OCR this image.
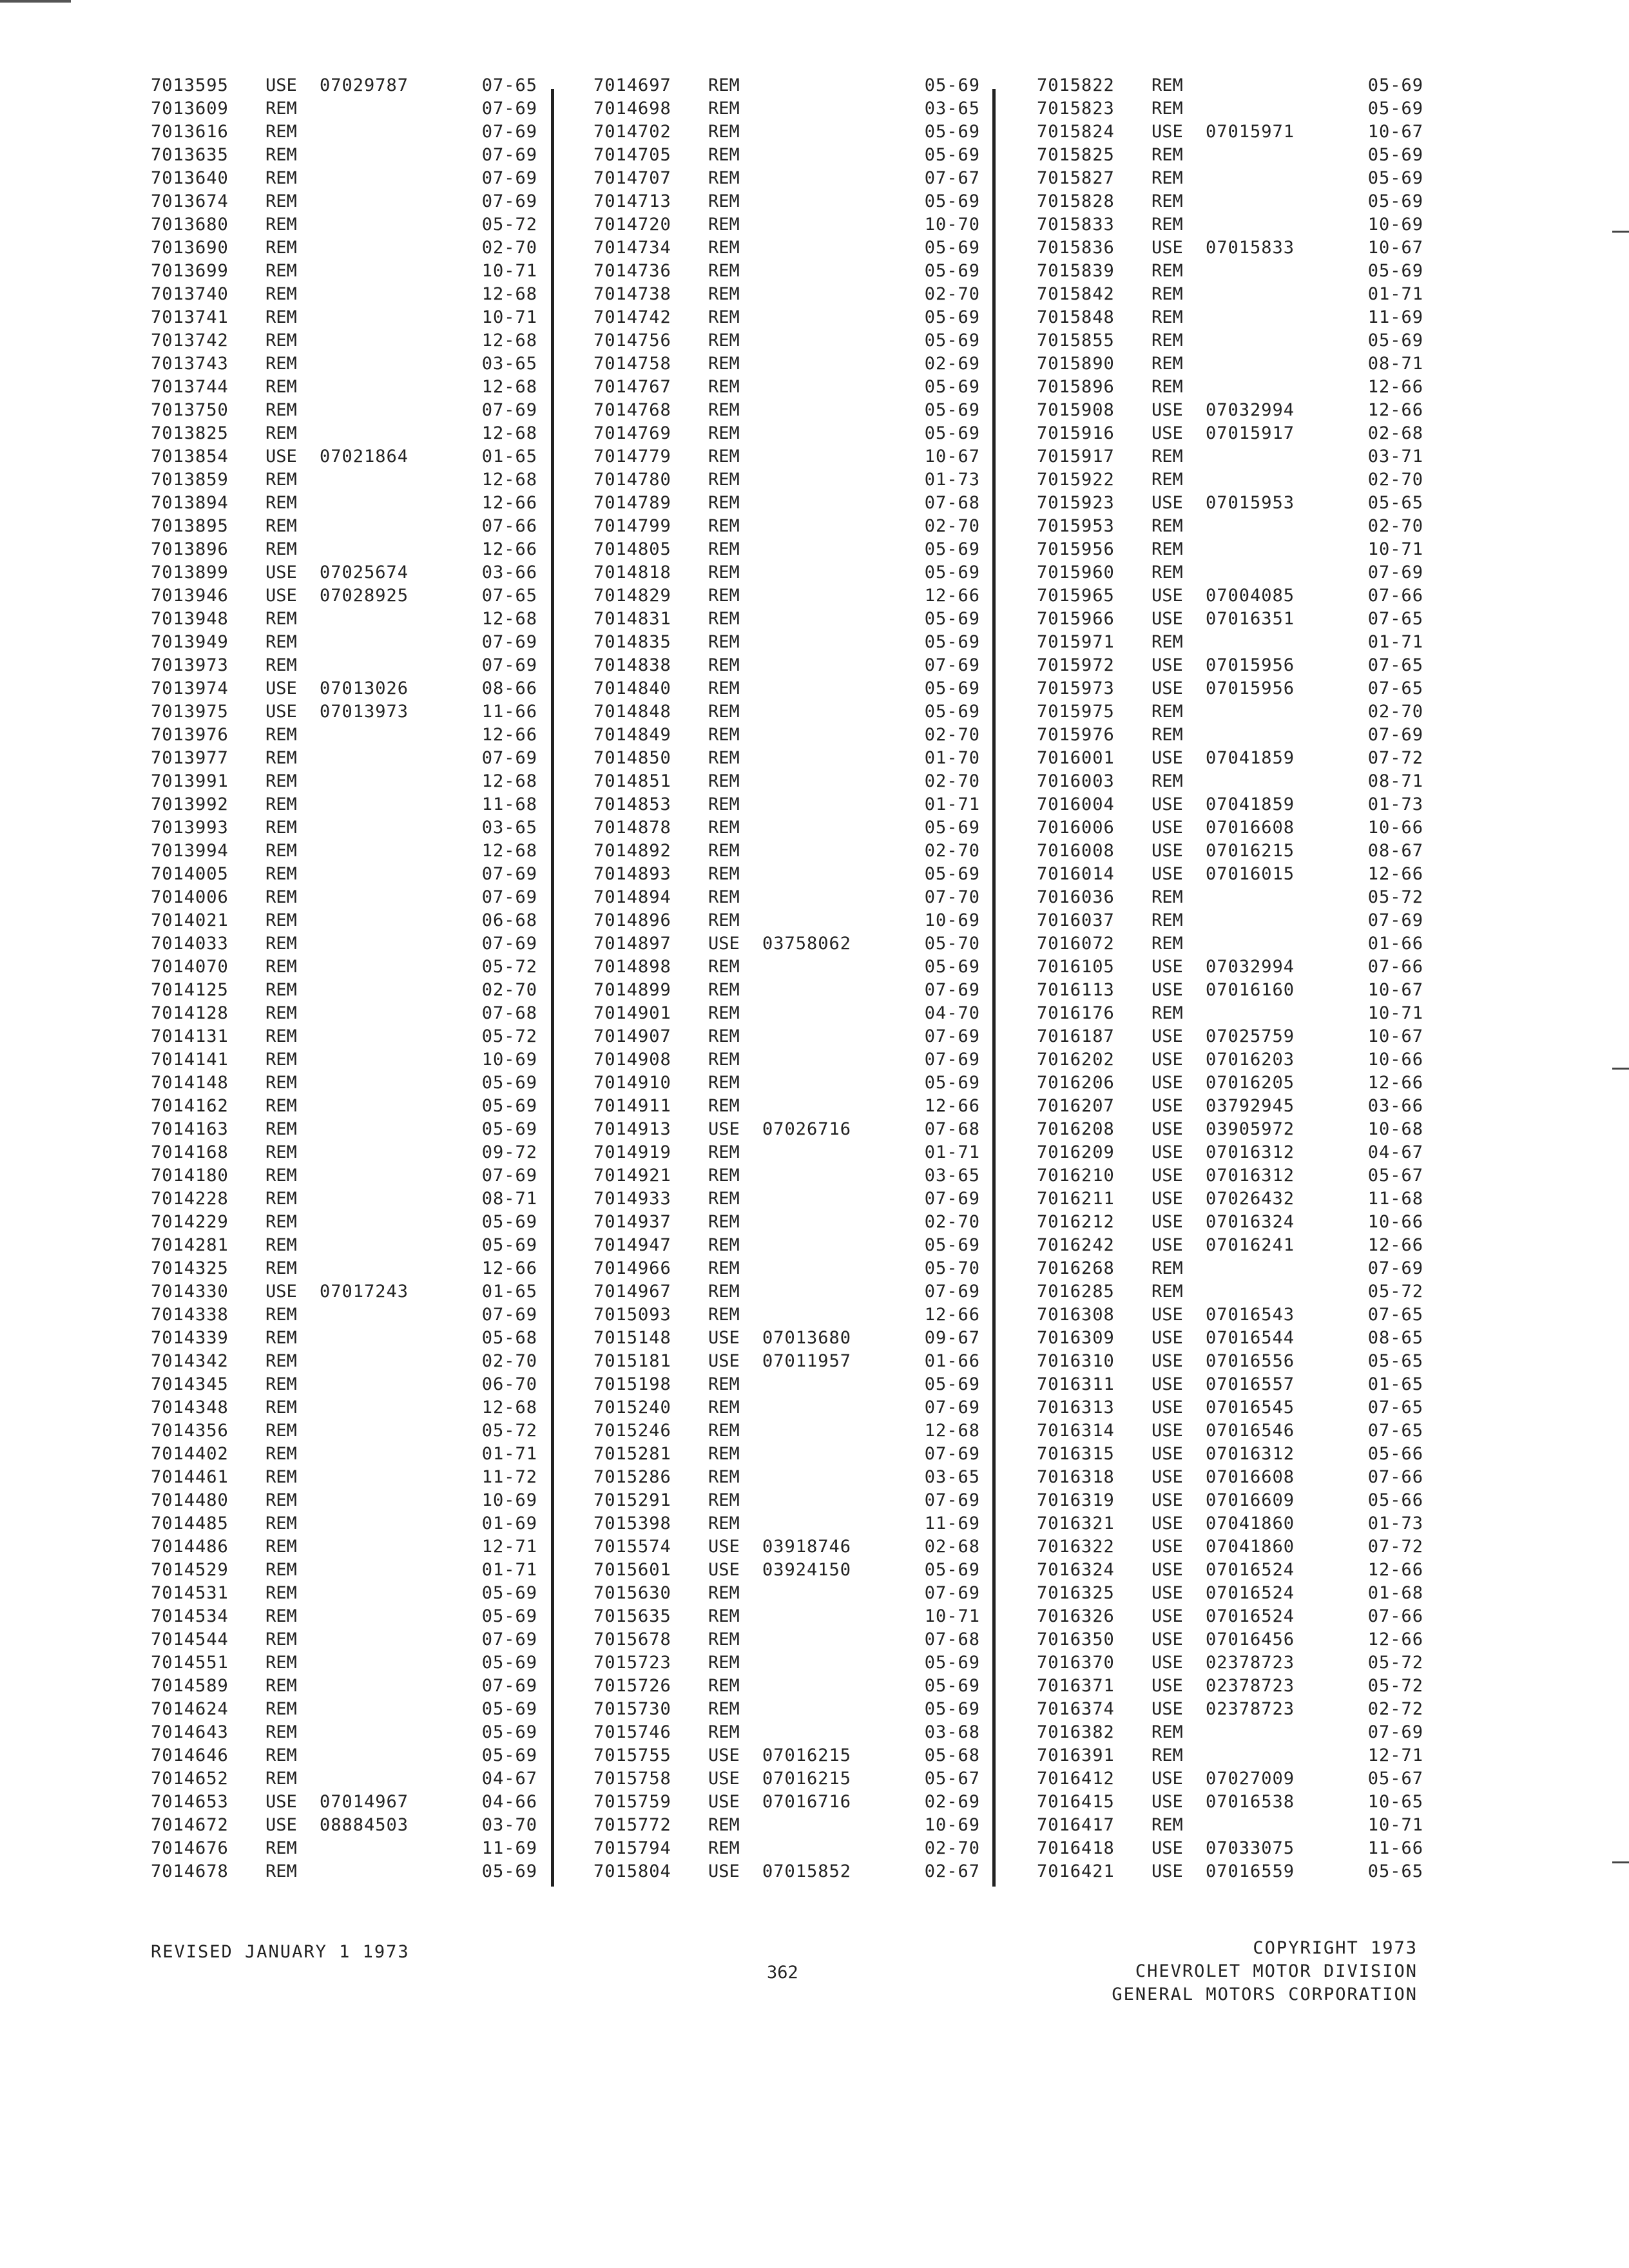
7013595 USE 07029787	07-65
7013609 REM	07-69
7013616 REM	07-69
7013635 REM	07-69
7013640 REM	07-69
7013674 REM	07-69
7013680 REM	05-72
7013690 REM	02-70
7013699 REM	10-71
7013740 REM	12-68
7013741 REM	10-71
7013742 REM	12-68
7013743 REM	03-65
7013744 REM	12-68
7013750 REM	07-69
7013825 REM	12-68
7013854 USE 07021864	01-65
7013859 REM	12-68
7013894 REM	12-66
7013895 REM	07-66
7013896 REM	12-66
7013899 USE 07025674	03-66
7013946 USE 07028925	07-65
7013948 REM	12-68
7013949 REM	07-69
7013973 REM	07-69
7013974 USE 07013026	08-66
7013975 USE 07013973	11-66
7013976 REM	12-66
7013977 REM	07-69
7013991 REM	12-68
7013992 REM	11-68
7013993 REM	03-65
7013994 REM	12-68
7014005 REM	07-69
7014006 REM	07-69
7014021 REM	06-68
7014033 REM	07-69
7014070 REM	05-72
7014125 REM	02-70
7014128 REM	07-68
7014131 REM	05-72
7014141 REM	10-69
7014148 REM	05-69
7014162 REM	05-69
7014163 REM	05-69
7014168 REM	09-72
7014180 REM	07-69
7014228 REM	08-71
7014229 REM	05-69
7014281 REM	05-69
7014325 REM	12-66
7014330 USE 07017243	01-65
7014338 REM	07-69
7014339 REM	05-68
7014342 REM	02-70
7014345 REM	06-70
7014348 REM	12-68
7014356 REM	05-72
7014402 REM	01-71
7014461 REM	11-72
7014480 REM	10-69
7014485 REM	01-69
7014486 REM	12-71
7014529 REM	01-71
7014531 REM	05-69
7014534 REM	05-69
7014544 REM	07-69
7014551 REM	05-69
7014589 REM	07-69
7014624 REM	05-69
7014643 REM	05-69
7014646 REM	05-69
7014652 REM	04-67
7014653 USE 07014967	04-66
7014672 USE 08884503	03-70
7014676 REM	11-69
7014678 REM	05-69
7014697 REM	05-69
7014698 REM	03-65
7014702 REM	05-69
7014705 REM	05-69
7014707 REM	07-67
7014713 REM	05-69
7014720 REM	10-70
7014734 REM	05-69
7014736 REM	05-69
7014738 REM	02-70
7014742 REM	05-69
7014756 REM	05-69
7014758 REM	02-69
7014767 REM	05-69
7014768 REM	05-69
7014769 REM	05-69
7014779 REM	10-67
7014780 REM	01-73
7014789 REM	07-68
7014799 REM	02-70
7014805 REM	05-69
7014818 REM	05-69
7014829 REM	12-66
7014831 REM	05-69
7014835 REM	05-69
7014838 REM	07-69
7014840 REM	05-69
7014848 REM	05-69
7014849 REM	02-70
7014850 REM	01-70
7014851 REM	02-70
7014853 REM	01-71
7014878 REM	05-69
7014892 REM	02-70
7014893 REM	05-69
7014894 REM	07-70
7014896 REM	10-69
7014897 USE 03758062	05-70
7014898 REM	05-69
7014899 REM	07-69
7014901 REM	04-70
7014907 REM	07-69
7014908 REM	07-69
7014910 REM	05-69
7014911 REM	12-66
7014913 USE 07026716	07-68
7014919 REM	01-71
7014921 REM	03-65
7014933 REM	07-69
7014937 REM	02-70
7014947 REM	05-69
7014966 REM	05-70
7014967 REM	07-69
7015093 REM	12-66
7015148 USE 07013680	09-67
7015181 USE 07011957	01-66
7015198 REM	05-69
7015240 REM	07-69
7015246 REM	12-68
7015281 REM	07-69
7015286 REM	03-65
7015291 REM	07-69
7015398 REM	11-69
7015574 USE 03918746	02-68
7015601 USE 03924150	05-69
7015630 REM	07-69
7015635 REM	10-71
7015678 REM	07-68
7015723 REM	05-69
7015726 REM	05-69
7015730 REM	05-69
7015746 REM	03-68
7015755 USE 07016215	05-68
7015758 USE 07016215	05-67
7015759 USE 07016716	02-69
7015772 REM	10-69
7015794 REM	02-70
7015804 USE 07015852	02-67
7015822 REM	05-69
7015823 REM	05-69
7015824 USE 07015971	10-67
7015825 REM	05-69
7015827 REM	05-69
7015828 REM	05-69
7015833 REM	10-69
7015836 USE 07015833	10-67
7015839 REM	05-69
7015842 REM	01-71
7015848 REM	11-69
7015855 REM	05-69
7015890 REM	08-71
7015896 REM	12-66
7015908 USE 07032994	12-66
7015916 USE 07015917	02-68
7015917 REM	03-71
7015922 REM	02-70
7015923 USE 07015953	05-65
7015953 REM	02-70
7015956 REM	10-71
7015960 REM	07-69
7015965 USE 07004085	07-66
7015966 USE 07016351	07-65
7015971 REM	01-71
7015972 USE 07015956	07-65
7015973 USE 07015956	07-65
7015975 REM	02-70
7015976 REM	07-69
7016001 USE 07041859	07-72
7016003 REM	08-71
7016004 USE 07041859	01-73
7016006 USE 07016608	10-66
7016008 USE 07016215	08-67
7016014 USE 07016015	12-66
7016036 REM	05-72
7016037 REM	07-69
7016072 REM	01-66
7016105 USE 07032994	07-66
7016113 USE 07016160	10-67
7016176 REM	10-71
7016187 USE 07025759	10-67
7016202 USE 07016203	10-66
7016206 USE 07016205	12-66
7016207 USE 03792945	03-66
7016208 USE 03905972	10-68
7016209 USE 07016312	04-67
7016210 USE 07016312	05-67
7016211 USE 07026432	11-68
7016212 USE 07016324	10-66
7016242 USE 07016241	12-66
7016268 REM	07-69
7016285 REM	05-72
7016308 USE 07016543	07-65
7016309 USE 07016544	08-65
7016310 USE 07016556	05-65
7016311 USE 07016557	01-65
7016313 USE 07016545	07-65
7016314 USE 07016546	07-65
7016315 USE 07016312	05-66
7016318 USE 07016608	07-66
7016319 USE 07016609	05-66
7016321 USE 07041860	01-73
7016322 USE 07041860	07-72
7016324 USE 07016524	12-66
7016325 USE 07016524	01-68
7016326 USE 07016524	07-66
7016350 USE 07016456	12-66
7016370 USE 02378723	05-72
7016371 USE 02378723	05-72
7016374 USE 02378723	02-72
7016382 REM	07-69
7016391 REM	12-71
7016412 USE 07027009	05-67
7016415 USE 07016538	10-65
7016417 REM	10-71
7016418 USE 07033075	11-66
7016421 USE 07016559	05-65
REVISED JANUARY 1 1973
362
COPYRIGHT 1973
CHEVROLET MOTOR DIVISION
GENERAL MOTORS CORPORATION
